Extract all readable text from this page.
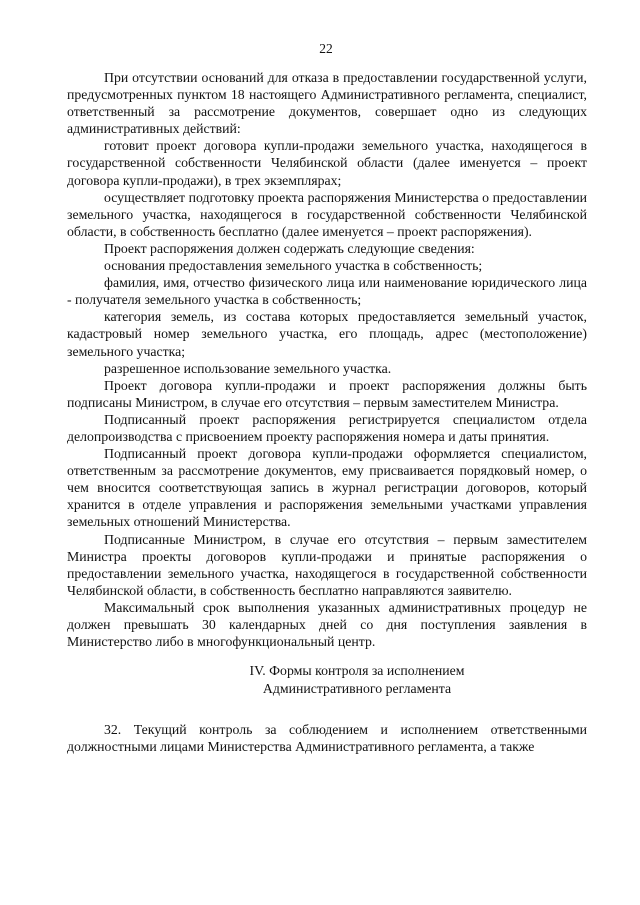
22

При отсутствии оснований для отказа в предоставлении государственной услуги, предусмотренных пунктом 18 настоящего Административного регламента, специалист, ответственный за рассмотрение документов, совершает одно из следующих административных действий:

готовит проект договора купли-продажи земельного участка, находящегося в государственной собственности Челябинской области (далее именуется – проект договора купли-продажи), в трех экземплярах;

осуществляет подготовку проекта распоряжения Министерства о предоставлении земельного участка, находящегося в государственной собственности Челябинской области, в собственность бесплатно (далее именуется – проект распоряжения).

Проект распоряжения должен содержать следующие сведения:

основания предоставления земельного участка в собственность;

фамилия, имя, отчество физического лица или наименование юридического лица - получателя земельного участка в собственность;

категория земель, из состава которых предоставляется земельный участок, кадастровый номер земельного участка, его площадь, адрес (местоположение) земельного участка;

разрешенное использование земельного участка.

Проект договора купли-продажи и проект распоряжения должны быть подписаны Министром, в случае его отсутствия – первым заместителем Министра.

Подписанный проект распоряжения регистрируется специалистом отдела делопроизводства с присвоением проекту распоряжения номера и даты принятия.

Подписанный проект договора купли-продажи оформляется специалистом, ответственным за рассмотрение документов, ему присваивается порядковый номер, о чем вносится соответствующая запись в журнал регистрации договоров, который хранится в отделе управления и распоряжения земельными участками управления земельных отношений Министерства.

Подписанные Министром, в случае его отсутствия – первым заместителем Министра проекты договоров купли-продажи и принятые распоряжения о предоставлении земельного участка, находящегося в государственной собственности Челябинской области, в собственность бесплатно направляются заявителю.

Максимальный срок выполнения указанных административных процедур не должен превышать 30 календарных дней со дня поступления заявления в Министерство либо в многофункциональный центр.

IV. Формы контроля за исполнением
Административного регламента

32. Текущий контроль за соблюдением и исполнением ответственными должностными лицами Министерства Административного регламента, а также
